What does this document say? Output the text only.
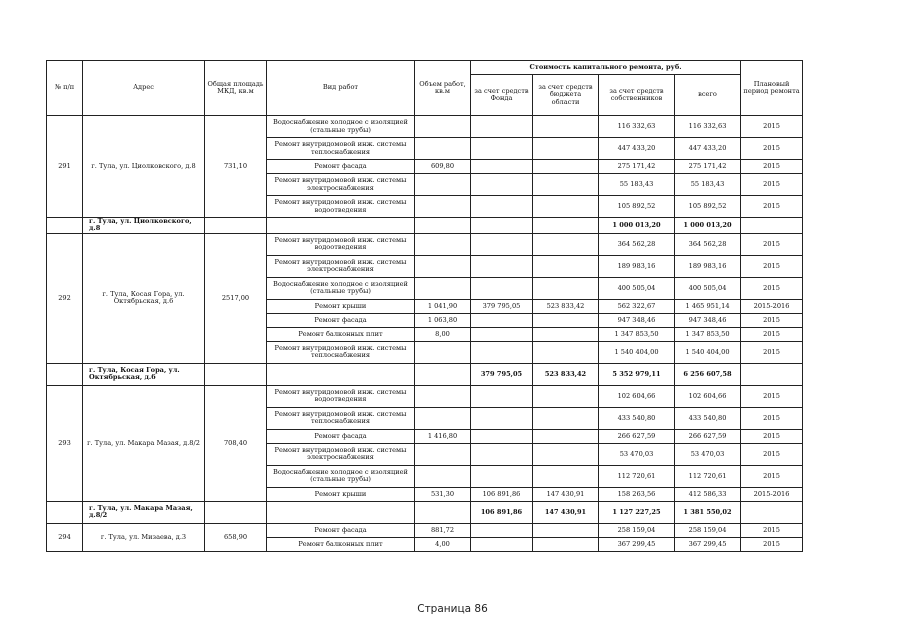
№ п/п	Адрес	Общая площадь МКД, кв.м	Вид работ	Объем работ, кв.м	Стоимость капитального ремонта, руб.				Плановый период ремонта
					за счет средств Фонда	за счет средств бюджета области	за счет средств собственников	всего	
291	г. Тула, ул. Циолковского, д.8	731,10	Водоснабжение холодное с изоляцией (стальные трубы)				116 332,63	116 332,63	2015
			Ремонт внутридомовой инж. системы теплоснабжения				447 433,20	447 433,20	2015
			Ремонт фасада	609,80			275 171,42	275 171,42	2015
			Ремонт внутридомовой инж. системы электроснабжения				55 183,43	55 183,43	2015
			Ремонт внутридомовой инж. системы водоотведения				105 892,52	105 892,52	2015
	г. Тула, ул. Циолковского, д.8						1 000 013,20	1 000 013,20	
292	г. Тула, Косая Гора, ул. Октябрьская, д.6	2517,00	Ремонт внутридомовой инж. системы водоотведения				364 562,28	364 562,28	2015
			Ремонт внутридомовой инж. системы электроснабжения				189 983,16	189 983,16	2015
			Водоснабжение холодное с изоляцией (стальные трубы)				400 505,04	400 505,04	2015
			Ремонт крыши	1 041,90	379 795,05	523 833,42	562 322,67	1 465 951,14	2015-2016
			Ремонт фасада	1 063,80			947 348,46	947 348,46	2015
			Ремонт балконных плит	8,00			1 347 853,50	1 347 853,50	2015
			Ремонт внутридомовой инж. системы теплоснабжения				1 540 404,00	1 540 404,00	2015
	г. Тула, Косая Гора, ул. Октябрьская, д.6				379 795,05	523 833,42	5 352 979,11	6 256 607,58	
293	г. Тула, ул. Макара Мазая, д.8/2	708,40	Ремонт внутридомовой инж. системы водоотведения				102 604,66	102 604,66	2015
			Ремонт внутридомовой инж. системы теплоснабжения				433 540,80	433 540,80	2015
			Ремонт фасада	1 416,80			266 627,59	266 627,59	2015
			Ремонт внутридомовой инж. системы электроснабжения				53 470,03	53 470,03	2015
			Водоснабжение холодное с изоляцией (стальные трубы)				112 720,61	112 720,61	2015
			Ремонт крыши	531,30	106 891,86	147 430,91	158 263,56	412 586,33	2015-2016
	г. Тула, ул. Макара Мазая, д.8/2				106 891,86	147 430,91	1 127 227,25	1 381 550,02	
294	г. Тула, ул. Мизаева, д.3	658,90	Ремонт фасада	881,72			258 159,04	258 159,04	2015
			Ремонт балконных плит	4,00			367 299,45	367 299,45	2015
Страница 86
